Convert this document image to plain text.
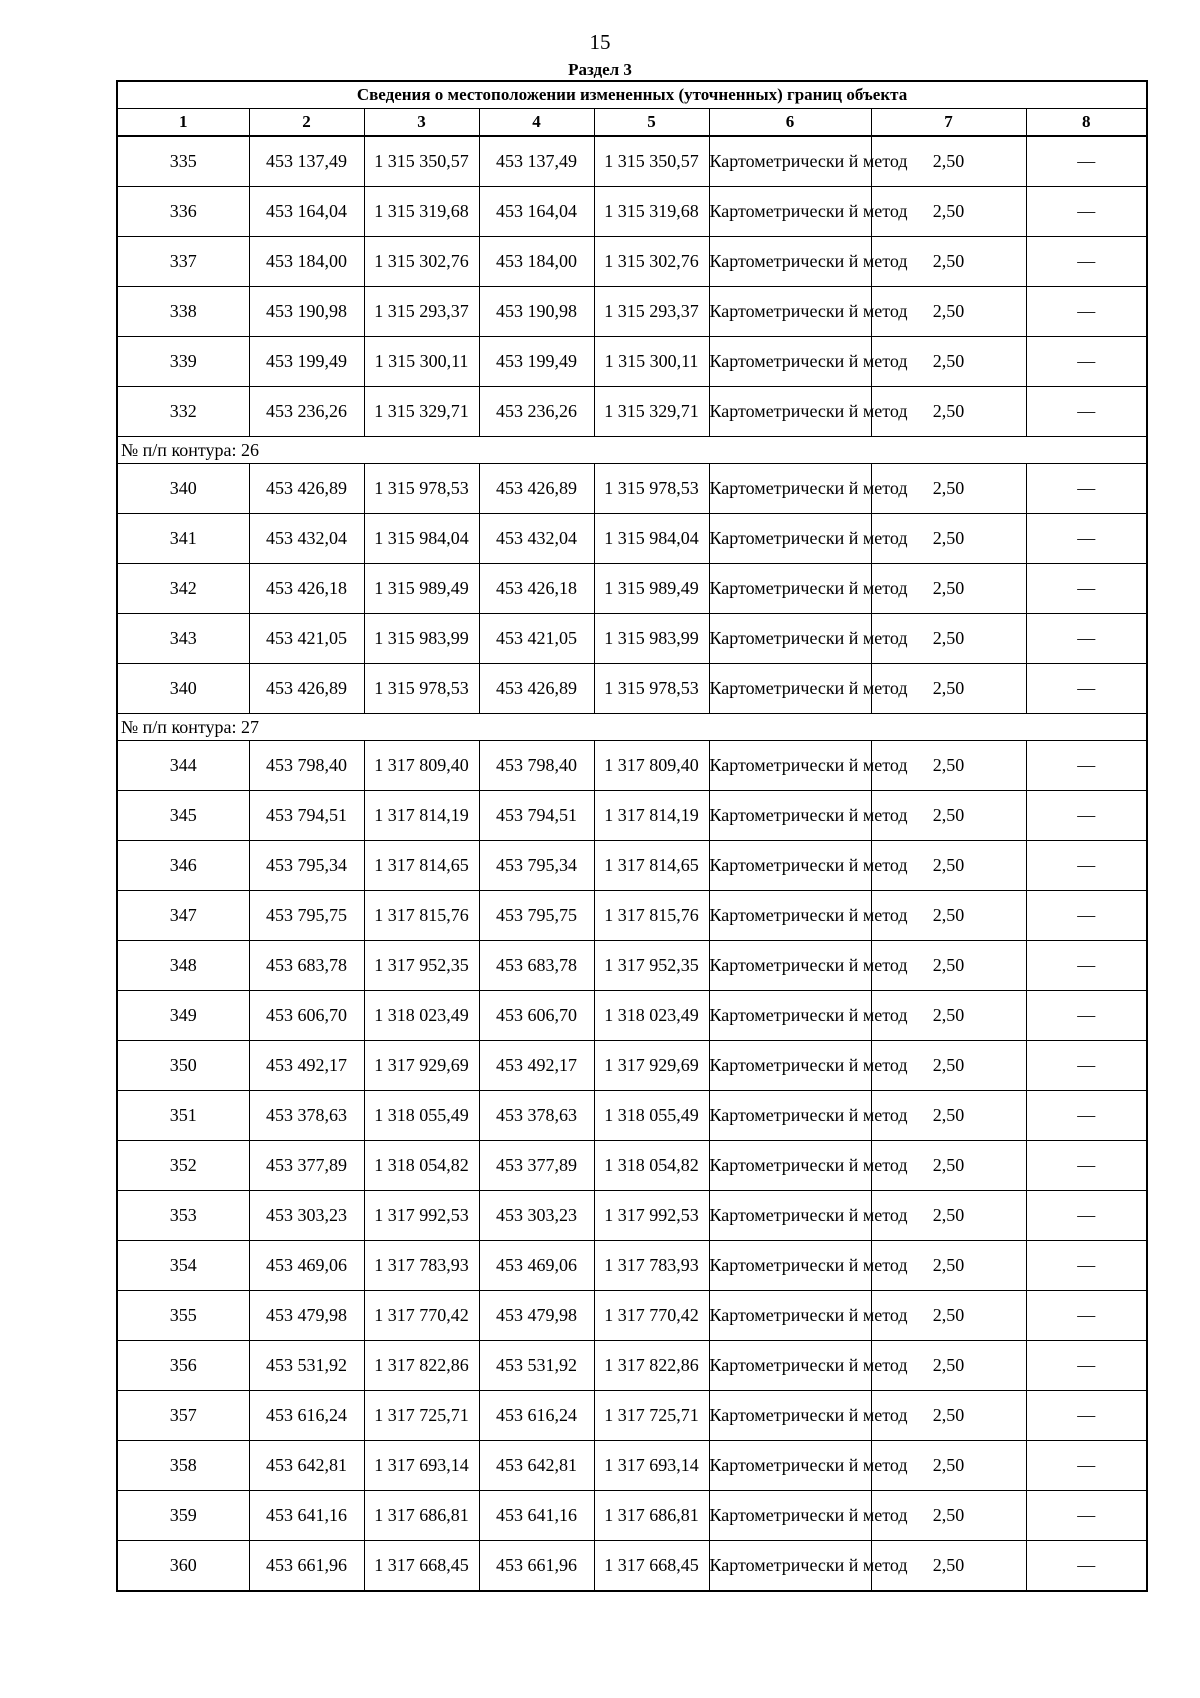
15
Раздел 3
Сведения о местоположении измененных (уточненных) границ объекта							
1	2	3	4	5	6	7	8
335	453 137,49	1 315 350,57	453 137,49	1 315 350,57	Картометрически й метод	2,50	—
336	453 164,04	1 315 319,68	453 164,04	1 315 319,68	Картометрически й метод	2,50	—
337	453 184,00	1 315 302,76	453 184,00	1 315 302,76	Картометрически й метод	2,50	—
338	453 190,98	1 315 293,37	453 190,98	1 315 293,37	Картометрически й метод	2,50	—
339	453 199,49	1 315 300,11	453 199,49	1 315 300,11	Картометрически й метод	2,50	—
332	453 236,26	1 315 329,71	453 236,26	1 315 329,71	Картометрически й метод	2,50	—
№ п/п контура: 26							
340	453 426,89	1 315 978,53	453 426,89	1 315 978,53	Картометрически й метод	2,50	—
341	453 432,04	1 315 984,04	453 432,04	1 315 984,04	Картометрически й метод	2,50	—
342	453 426,18	1 315 989,49	453 426,18	1 315 989,49	Картометрически й метод	2,50	—
343	453 421,05	1 315 983,99	453 421,05	1 315 983,99	Картометрически й метод	2,50	—
340	453 426,89	1 315 978,53	453 426,89	1 315 978,53	Картометрически й метод	2,50	—
№ п/п контура: 27							
344	453 798,40	1 317 809,40	453 798,40	1 317 809,40	Картометрически й метод	2,50	—
345	453 794,51	1 317 814,19	453 794,51	1 317 814,19	Картометрически й метод	2,50	—
346	453 795,34	1 317 814,65	453 795,34	1 317 814,65	Картометрически й метод	2,50	—
347	453 795,75	1 317 815,76	453 795,75	1 317 815,76	Картометрически й метод	2,50	—
348	453 683,78	1 317 952,35	453 683,78	1 317 952,35	Картометрически й метод	2,50	—
349	453 606,70	1 318 023,49	453 606,70	1 318 023,49	Картометрически й метод	2,50	—
350	453 492,17	1 317 929,69	453 492,17	1 317 929,69	Картометрически й метод	2,50	—
351	453 378,63	1 318 055,49	453 378,63	1 318 055,49	Картометрически й метод	2,50	—
352	453 377,89	1 318 054,82	453 377,89	1 318 054,82	Картометрически й метод	2,50	—
353	453 303,23	1 317 992,53	453 303,23	1 317 992,53	Картометрически й метод	2,50	—
354	453 469,06	1 317 783,93	453 469,06	1 317 783,93	Картометрически й метод	2,50	—
355	453 479,98	1 317 770,42	453 479,98	1 317 770,42	Картометрически й метод	2,50	—
356	453 531,92	1 317 822,86	453 531,92	1 317 822,86	Картометрически й метод	2,50	—
357	453 616,24	1 317 725,71	453 616,24	1 317 725,71	Картометрически й метод	2,50	—
358	453 642,81	1 317 693,14	453 642,81	1 317 693,14	Картометрически й метод	2,50	—
359	453 641,16	1 317 686,81	453 641,16	1 317 686,81	Картометрически й метод	2,50	—
360	453 661,96	1 317 668,45	453 661,96	1 317 668,45	Картометрически й метод	2,50	—
